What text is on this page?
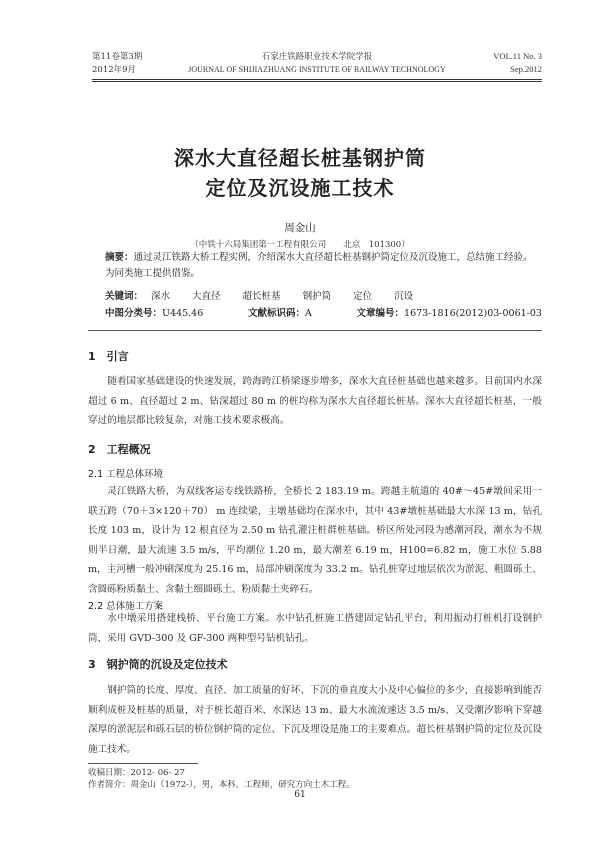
第11卷第3期	石家庄铁路职业技术学院学报	VOL.11 No. 3
2012年9月	JOURNAL OF SHIJIAZHUANG INSTITUTE OF RAILWAY TECHNOLOGY	Sep.2012
深水大直径超长桩基钢护筒
定位及沉设施工技术
周金山
（中铁十六局集团第一工程有限公司　　北京　101300）
摘要：通过灵江铁路大桥工程实例，介绍深水大直径超长桩基钢护筒定位及沉设施工，总结施工经验。为同类施工提供借鉴。
关键词： 深水 大直径 超长桩基 钢护筒 定位 沉设
中图分类号：U445.46	文献标识码：A	文章编号：1673-1816(2012)03-0061-03
1　引言
随着国家基础建设的快速发展，跨海跨江桥梁逐步增多，深水大直径桩基础也越来越多。目前国内水深超过 6 m、直径超过 2 m、钻深超过 80 m 的桩均称为深水大直径超长桩基。深水大直径超长桩基，一般穿过的地层都比较复杂，对施工技术要求极高。
2　工程概况
2.1 工程总体环境
灵江铁路大桥，为双线客运专线铁路桥，全桥长 2 183.19 m。跨越主航道的 40#～45#墩间采用一联五跨（70＋3×120＋70） m 连续梁，主墩基础均在深水中，其中 43#墩桩基础最大水深 13 m，钻孔长度 103 m，设计为 12 根直径为 2.50 m 钻孔灌注桩群桩基础。桥区所处河段为感潮河段，潮水为不规则半日潮，最大流速 3.5 m/s，平均潮位 1.20 m，最大潮差 6.19 m，H100=6.82 m，施工水位 5.88 m，主河槽一般冲刷深度为 25.16 m，局部冲刷深度为 33.2 m。钻孔桩穿过地层依次为淤泥、粗圆砾土、含圆砾粉质黏土、含黏土细圆砾土、粉质黏土夹碎石。
2.2 总体施工方案
水中墩采用搭建栈桥、平台施工方案。水中钻孔桩施工搭建固定钻孔平台，利用振动打桩机打设钢护筒，采用 GVD-300 及 GF-300 两种型号钻机钻孔。
3　钢护筒的沉设及定位技术
钢护筒的长度、厚度、直径、加工质量的好坏、下沉的垂直度大小及中心偏位的多少，直接影响到能否顺利成桩及桩基的质量，对于桩长超百米、水深达 13 m、最大水流流速达 3.5 m/s、又受潮汐影响下穿越深厚的淤泥层和砾石层的桥位钢护筒的定位、下沉及埋设是施工的主要难点。超长桩基钢护筒的定位及沉设施工技术。
收稿日期：2012- 06- 27
作者简介：周金山（1972-），男，本科，工程师，研究方向土木工程。
61
